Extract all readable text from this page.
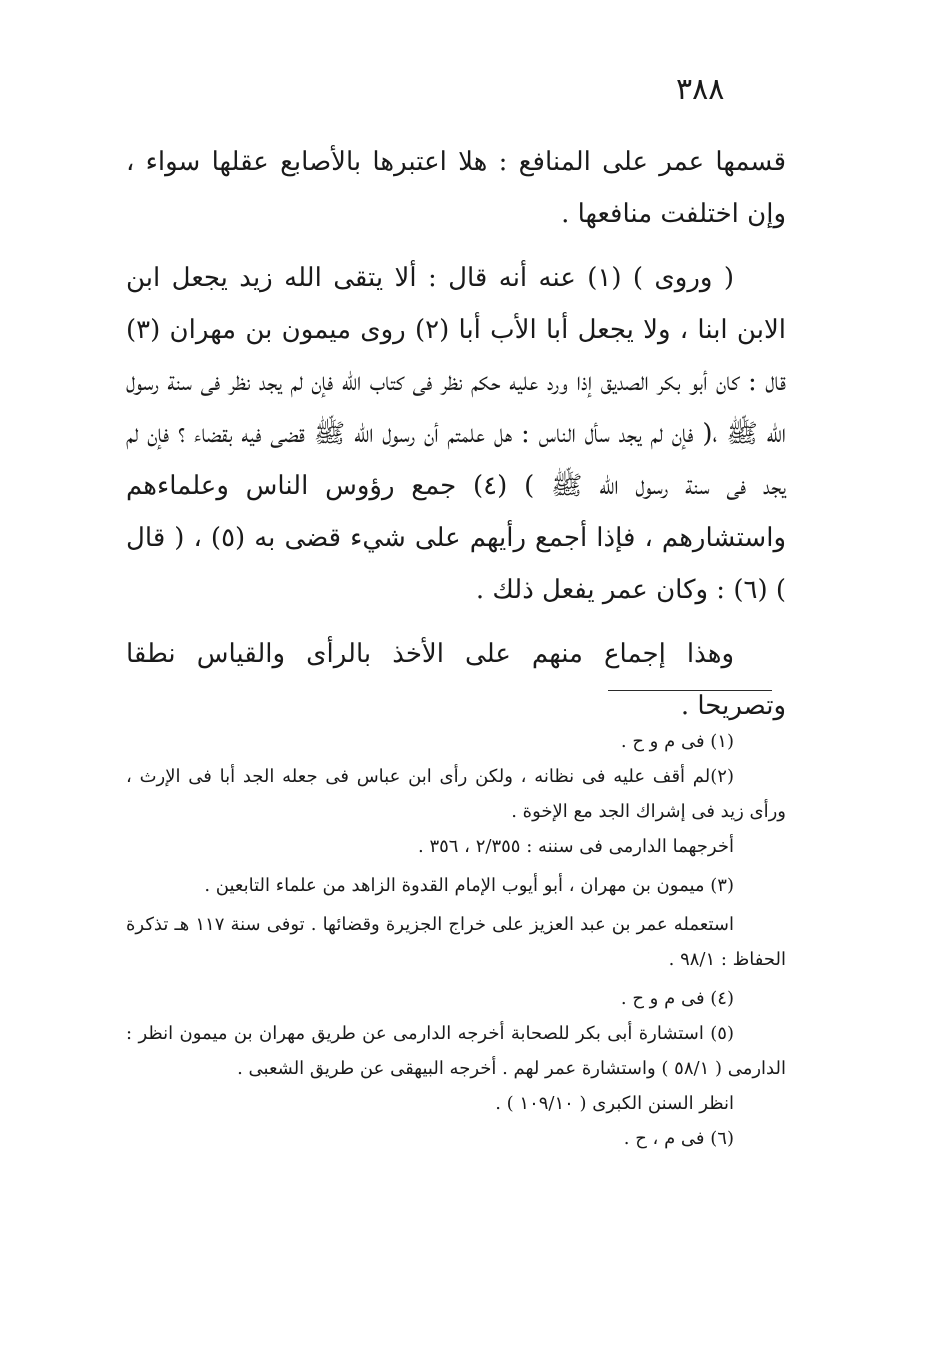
٣٨٨

قسمها عمر على المنافع : هلا اعتبرها بالأصابع عقلها سواء ، وإن اختلفت منافعها .

( وروى ) (١) عنه أنه قال : ألا يتقى الله زيد يجعل ابن الابن ابنا ، ولا يجعل أبا الأب أبا (٢) روى ميمون بن مهران (٣) قال : كان أبو بكر الصديق إذا ورد عليه حكم نظر فى كتاب الله فإن لم يجد نظر فى سنة رسول الله ﷺ ،( فإن لم يجد سأل الناس : هل علمتم أن رسول الله ﷺ قضى فيه بقضاء ؟ فإن لم يجد فى سنة رسول الله ﷺ ) (٤) جمع رؤوس الناس وعلماءهم واستشارهم ، فإذا أجمع رأيهم على شيء قضى به (٥) ، ( قال ) (٦) : وكان عمر يفعل ذلك .

وهذا إجماع منهم على الأخذ بالرأى والقياس نطقا وتصريحا .

(١) فى م و ح .

(٢)لم أقف عليه فى نظانه ، ولكن رأى ابن عباس فى جعله الجد أبا فى الإرث ، ورأى زيد فى إشراك الجد مع الإخوة .

أخرجهما الدارمى فى سننه : ٢/٣٥٥ ، ٣٥٦ .

(٣) ميمون بن مهران ، أبو أيوب الإمام القدوة الزاهد من علماء التابعين .

استعمله عمر بن عبد العزيز على خراج الجزيرة وقضائها . توفى سنة ١١٧ هـ تذكرة الحفاظ : ٩٨/١ .

(٤) فى م و ح .

(٥) استشارة أبى بكر للصحابة أخرجه الدارمى عن طريق مهران بن ميمون انظر : الدارمى ( ٥٨/١ ) واستشارة عمر لهم . أخرجه البيهقى عن طريق الشعبى .

انظر السنن الكبرى ( ١٠٩/١٠ ) .

(٦) فى م ، ح .
